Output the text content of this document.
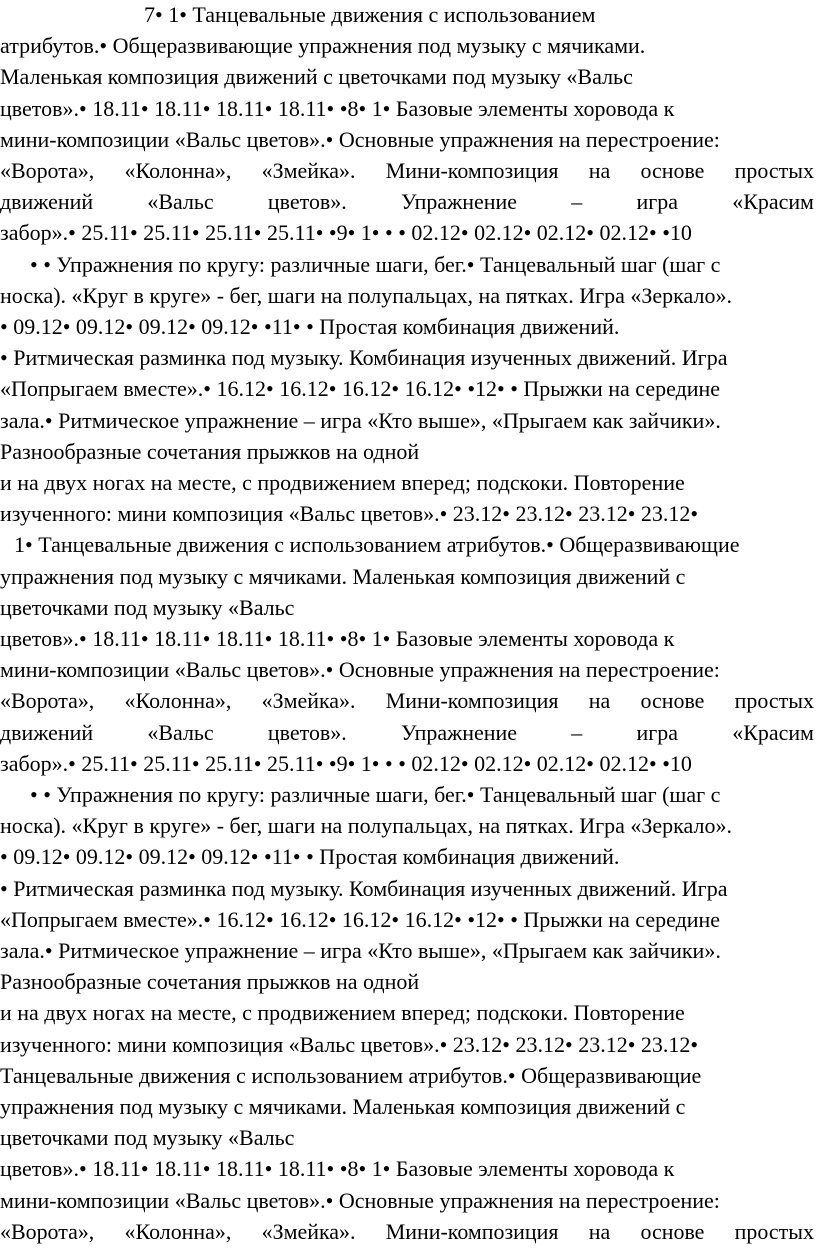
7• 1• Танцевальные движения с использованием
атрибутов.• Общеразвивающие упражнения под музыку с мячиками.
Маленькая композиция движений с цветочками под музыку «Вальс
цветов».• 18.11• 18.11• 18.11• 18.11• •8• 1• Базовые элементы хоровода к
мини-композиции «Вальс цветов».• Основные упражнения на перестроение:
«Ворота», «Колонна», «Змейка». Мини-композиция на основе простых
движений «Вальс цветов». Упражнение – игра «Красим
забор».• 25.11• 25.11• 25.11• 25.11• •9• 1• • • 02.12• 02.12• 02.12• 02.12• •10
• • Упражнения по кругу: различные шаги, бег.• Танцевальный шаг (шаг с
носка). «Круг в круге» - бег, шаги на полупальцах, на пятках. Игра «Зеркало».
• 09.12• 09.12• 09.12• 09.12• •11• • Простая комбинация движений.
• Ритмическая разминка под музыку. Комбинация изученных движений. Игра
«Попрыгаем вместе».• 16.12• 16.12• 16.12• 16.12• •12• • Прыжки на середине
зала.• Ритмическое упражнение – игра «Кто выше», «Прыгаем как зайчики».
Разнообразные сочетания прыжков на одной
и на двух ногах на месте, с продвижением вперед; подскоки. Повторение
изученного: мини композиция «Вальс цветов».• 23.12• 23.12• 23.12• 23.12•
1• Танцевальные движения с использованием атрибутов.• Общеразвивающие
упражнения под музыку с мячиками. Маленькая композиция движений с
цветочками под музыку «Вальс
цветов».• 18.11• 18.11• 18.11• 18.11• •8• 1• Базовые элементы хоровода к
мини-композиции «Вальс цветов».• Основные упражнения на перестроение:
«Ворота», «Колонна», «Змейка». Мини-композиция на основе простых
движений «Вальс цветов». Упражнение – игра «Красим
забор».• 25.11• 25.11• 25.11• 25.11• •9• 1• • • 02.12• 02.12• 02.12• 02.12• •10
• • Упражнения по кругу: различные шаги, бег.• Танцевальный шаг (шаг с
носка). «Круг в круге» - бег, шаги на полупальцах, на пятках. Игра «Зеркало».
• 09.12• 09.12• 09.12• 09.12• •11• • Простая комбинация движений.
• Ритмическая разминка под музыку. Комбинация изученных движений. Игра
«Попрыгаем вместе».• 16.12• 16.12• 16.12• 16.12• •12• • Прыжки на середине
зала.• Ритмическое упражнение – игра «Кто выше», «Прыгаем как зайчики».
Разнообразные сочетания прыжков на одной
и на двух ногах на месте, с продвижением вперед; подскоки. Повторение
изученного: мини композиция «Вальс цветов».• 23.12• 23.12• 23.12• 23.12•
Танцевальные движения с использованием атрибутов.• Общеразвивающие
упражнения под музыку с мячиками. Маленькая композиция движений с
цветочками под музыку «Вальс
цветов».• 18.11• 18.11• 18.11• 18.11• •8• 1• Базовые элементы хоровода к
мини-композиции «Вальс цветов».• Основные упражнения на перестроение:
«Ворота», «Колонна», «Змейка». Мини-композиция на основе простых
